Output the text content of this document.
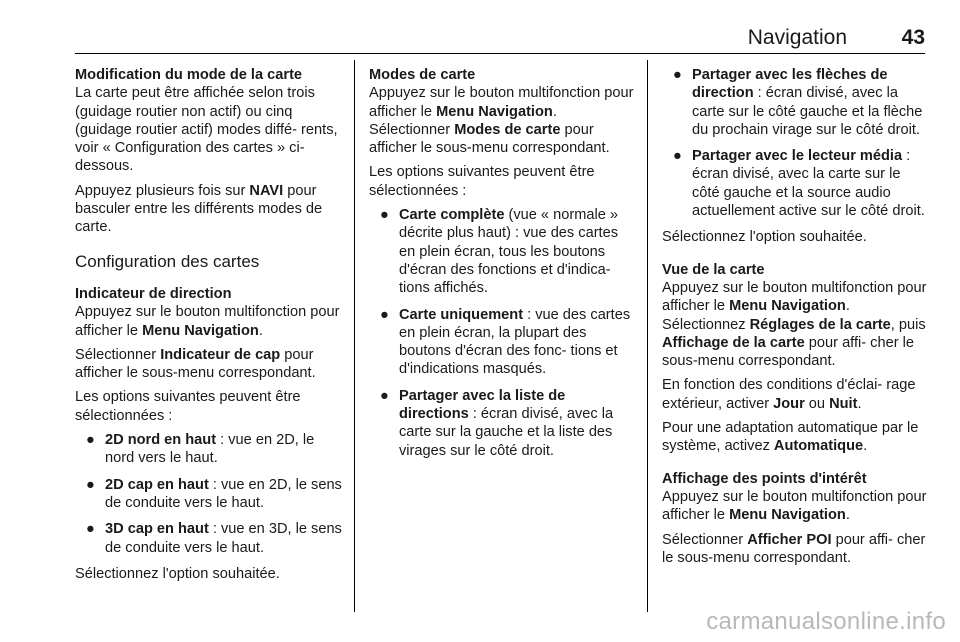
Navigation	43

Modification du mode de la carte

La carte peut être affichée selon trois (guidage routier non actif) ou cinq (guidage routier actif) modes diffé- rents, voir « Configuration des cartes » ci-dessous.

Appuyez plusieurs fois sur NAVI pour basculer entre les différents modes de carte.

Configuration des cartes

Indicateur de direction

Appuyez sur le bouton multifonction pour afficher le Menu Navigation.

Sélectionner Indicateur de cap pour afficher le sous-menu correspondant.

Les options suivantes peuvent être sélectionnées :

● 2D nord en haut : vue en 2D, le nord vers le haut.
● 2D cap en haut : vue en 2D, le sens de conduite vers le haut.
● 3D cap en haut : vue en 3D, le sens de conduite vers le haut.

Sélectionnez l'option souhaitée.

Modes de carte

Appuyez sur le bouton multifonction pour afficher le Menu Navigation.

Sélectionner Modes de carte pour afficher le sous-menu correspondant.

Les options suivantes peuvent être sélectionnées :

● Carte complète (vue « normale » décrite plus haut) : vue des cartes en plein écran, tous les boutons d'écran des fonctions et d'indica- tions affichés.
● Carte uniquement : vue des cartes en plein écran, la plupart des boutons d'écran des fonc- tions et d'indications masqués.
● Partager avec la liste de directions : écran divisé, avec la carte sur la gauche et la liste des virages sur le côté droit.
● Partager avec les flèches de direction : écran divisé, avec la carte sur le côté gauche et la flèche du prochain virage sur le côté droit.
● Partager avec le lecteur média : écran divisé, avec la carte sur le côté gauche et la source audio actuellement active sur le côté droit.

Sélectionnez l'option souhaitée.

Vue de la carte

Appuyez sur le bouton multifonction pour afficher le Menu Navigation.

Sélectionnez Réglages de la carte, puis Affichage de la carte pour affi- cher le sous-menu correspondant.

En fonction des conditions d'éclai- rage extérieur, activer Jour ou Nuit.

Pour une adaptation automatique par le système, activez Automatique.

Affichage des points d'intérêt

Appuyez sur le bouton multifonction pour afficher le Menu Navigation.

Sélectionner Afficher POI pour affi- cher le sous-menu correspondant.

carmanualsonline.info
